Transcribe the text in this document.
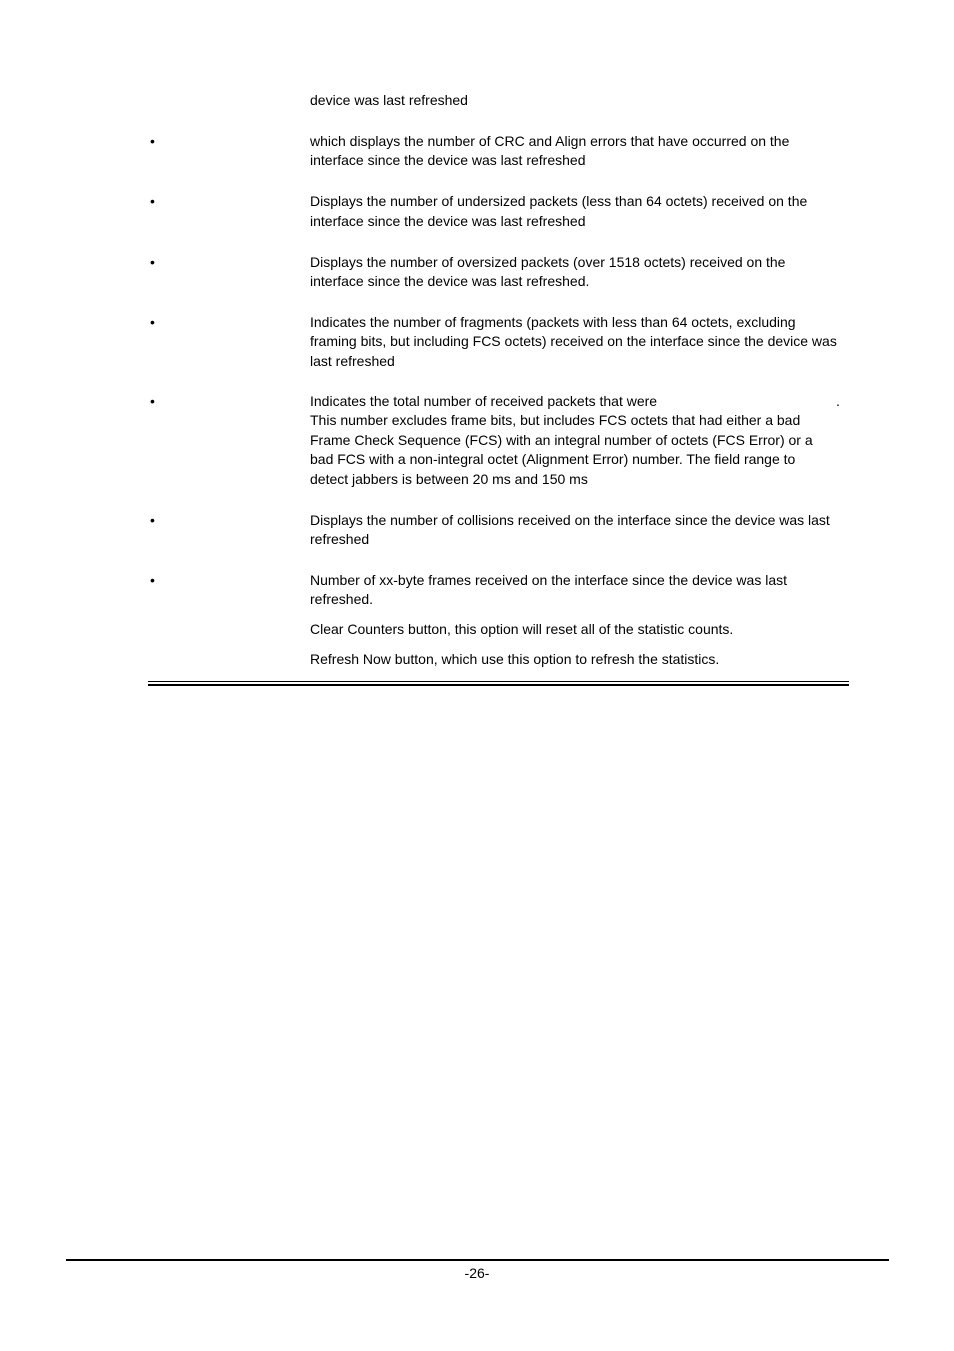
device was last refreshed
•	which displays the number of CRC and Align errors that have occurred on the
interface since the device was last refreshed
•	Displays the number of undersized packets (less than 64 octets) received on the
interface since the device was last refreshed
•	Displays the number of oversized packets (over 1518 octets) received on the
interface since the device was last refreshed.
•	Indicates the number of fragments (packets with less than 64 octets, excluding
framing bits, but including FCS octets) received on the interface since the device was
last refreshed
•	Indicates the total number of received packets that were	.
This number excludes frame bits, but includes FCS octets that had either a bad
Frame Check Sequence (FCS) with an integral number of octets (FCS Error) or a
bad FCS with a non-integral octet (Alignment Error) number. The field range to
detect jabbers is between 20 ms and 150 ms
•	Displays the number of collisions received on the interface since the device was last
refreshed
•	Number of xx-byte frames received on the interface since the device was last
refreshed.
Clear Counters button, this option will reset all of the statistic counts.
Refresh Now button, which use this option to refresh the statistics.
-26-
